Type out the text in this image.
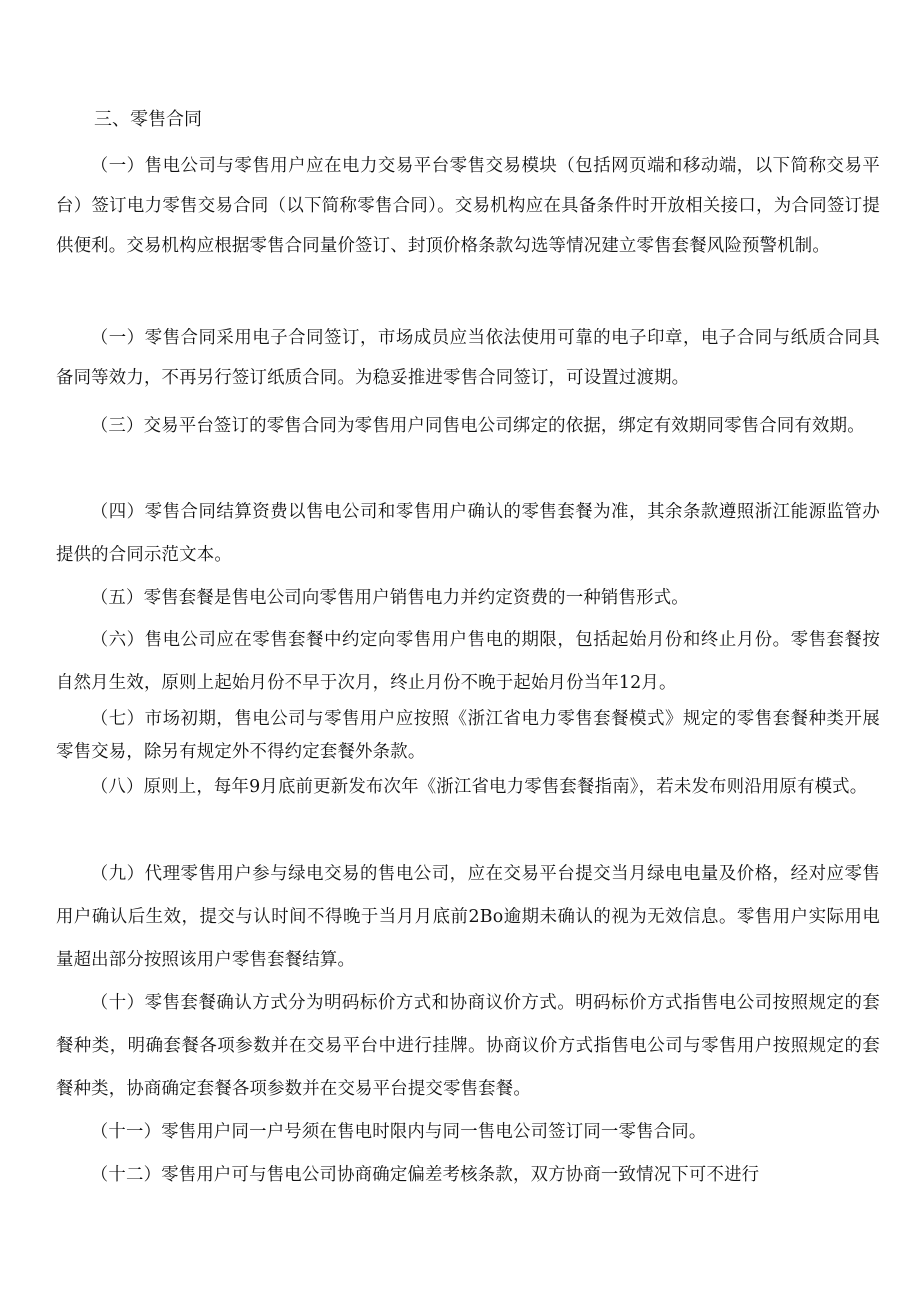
三、零售合同

（一）售电公司与零售用户应在电力交易平台零售交易模块（包括网页端和移动端，以下简称交易平台）签订电力零售交易合同（以下简称零售合同）。交易机构应在具备条件时开放相关接口，为合同签订提供便利。交易机构应根据零售合同量价签订、封顶价格条款勾选等情况建立零售套餐风险预警机制。

（一）零售合同采用电子合同签订，市场成员应当依法使用可靠的电子印章，电子合同与纸质合同具备同等效力，不再另行签订纸质合同。为稳妥推进零售合同签订，可设置过渡期。

（三）交易平台签订的零售合同为零售用户同售电公司绑定的依据，绑定有效期同零售合同有效期。

（四）零售合同结算资费以售电公司和零售用户确认的零售套餐为准，其余条款遵照浙江能源监管办提供的合同示范文本。

（五）零售套餐是售电公司向零售用户销售电力并约定资费的一种销售形式。

（六）售电公司应在零售套餐中约定向零售用户售电的期限，包括起始月份和终止月份。零售套餐按自然月生效，原则上起始月份不早于次月，终止月份不晚于起始月份当年12月。

（七）市场初期，售电公司与零售用户应按照《浙江省电力零售套餐模式》规定的零售套餐种类开展零售交易，除另有规定外不得约定套餐外条款。

（八）原则上，每年9月底前更新发布次年《浙江省电力零售套餐指南》，若未发布则沿用原有模式。

（九）代理零售用户参与绿电交易的售电公司，应在交易平台提交当月绿电电量及价格，经对应零售用户确认后生效，提交与认时间不得晚于当月月底前2Bo逾期未确认的视为无效信息。零售用户实际用电量超出部分按照该用户零售套餐结算。

（十）零售套餐确认方式分为明码标价方式和协商议价方式。明码标价方式指售电公司按照规定的套餐种类，明确套餐各项参数并在交易平台中进行挂牌。协商议价方式指售电公司与零售用户按照规定的套餐种类，协商确定套餐各项参数并在交易平台提交零售套餐。

（十一）零售用户同一户号须在售电时限内与同一售电公司签订同一零售合同。

（十二）零售用户可与售电公司协商确定偏差考核条款，双方协商一致情况下可不进行
